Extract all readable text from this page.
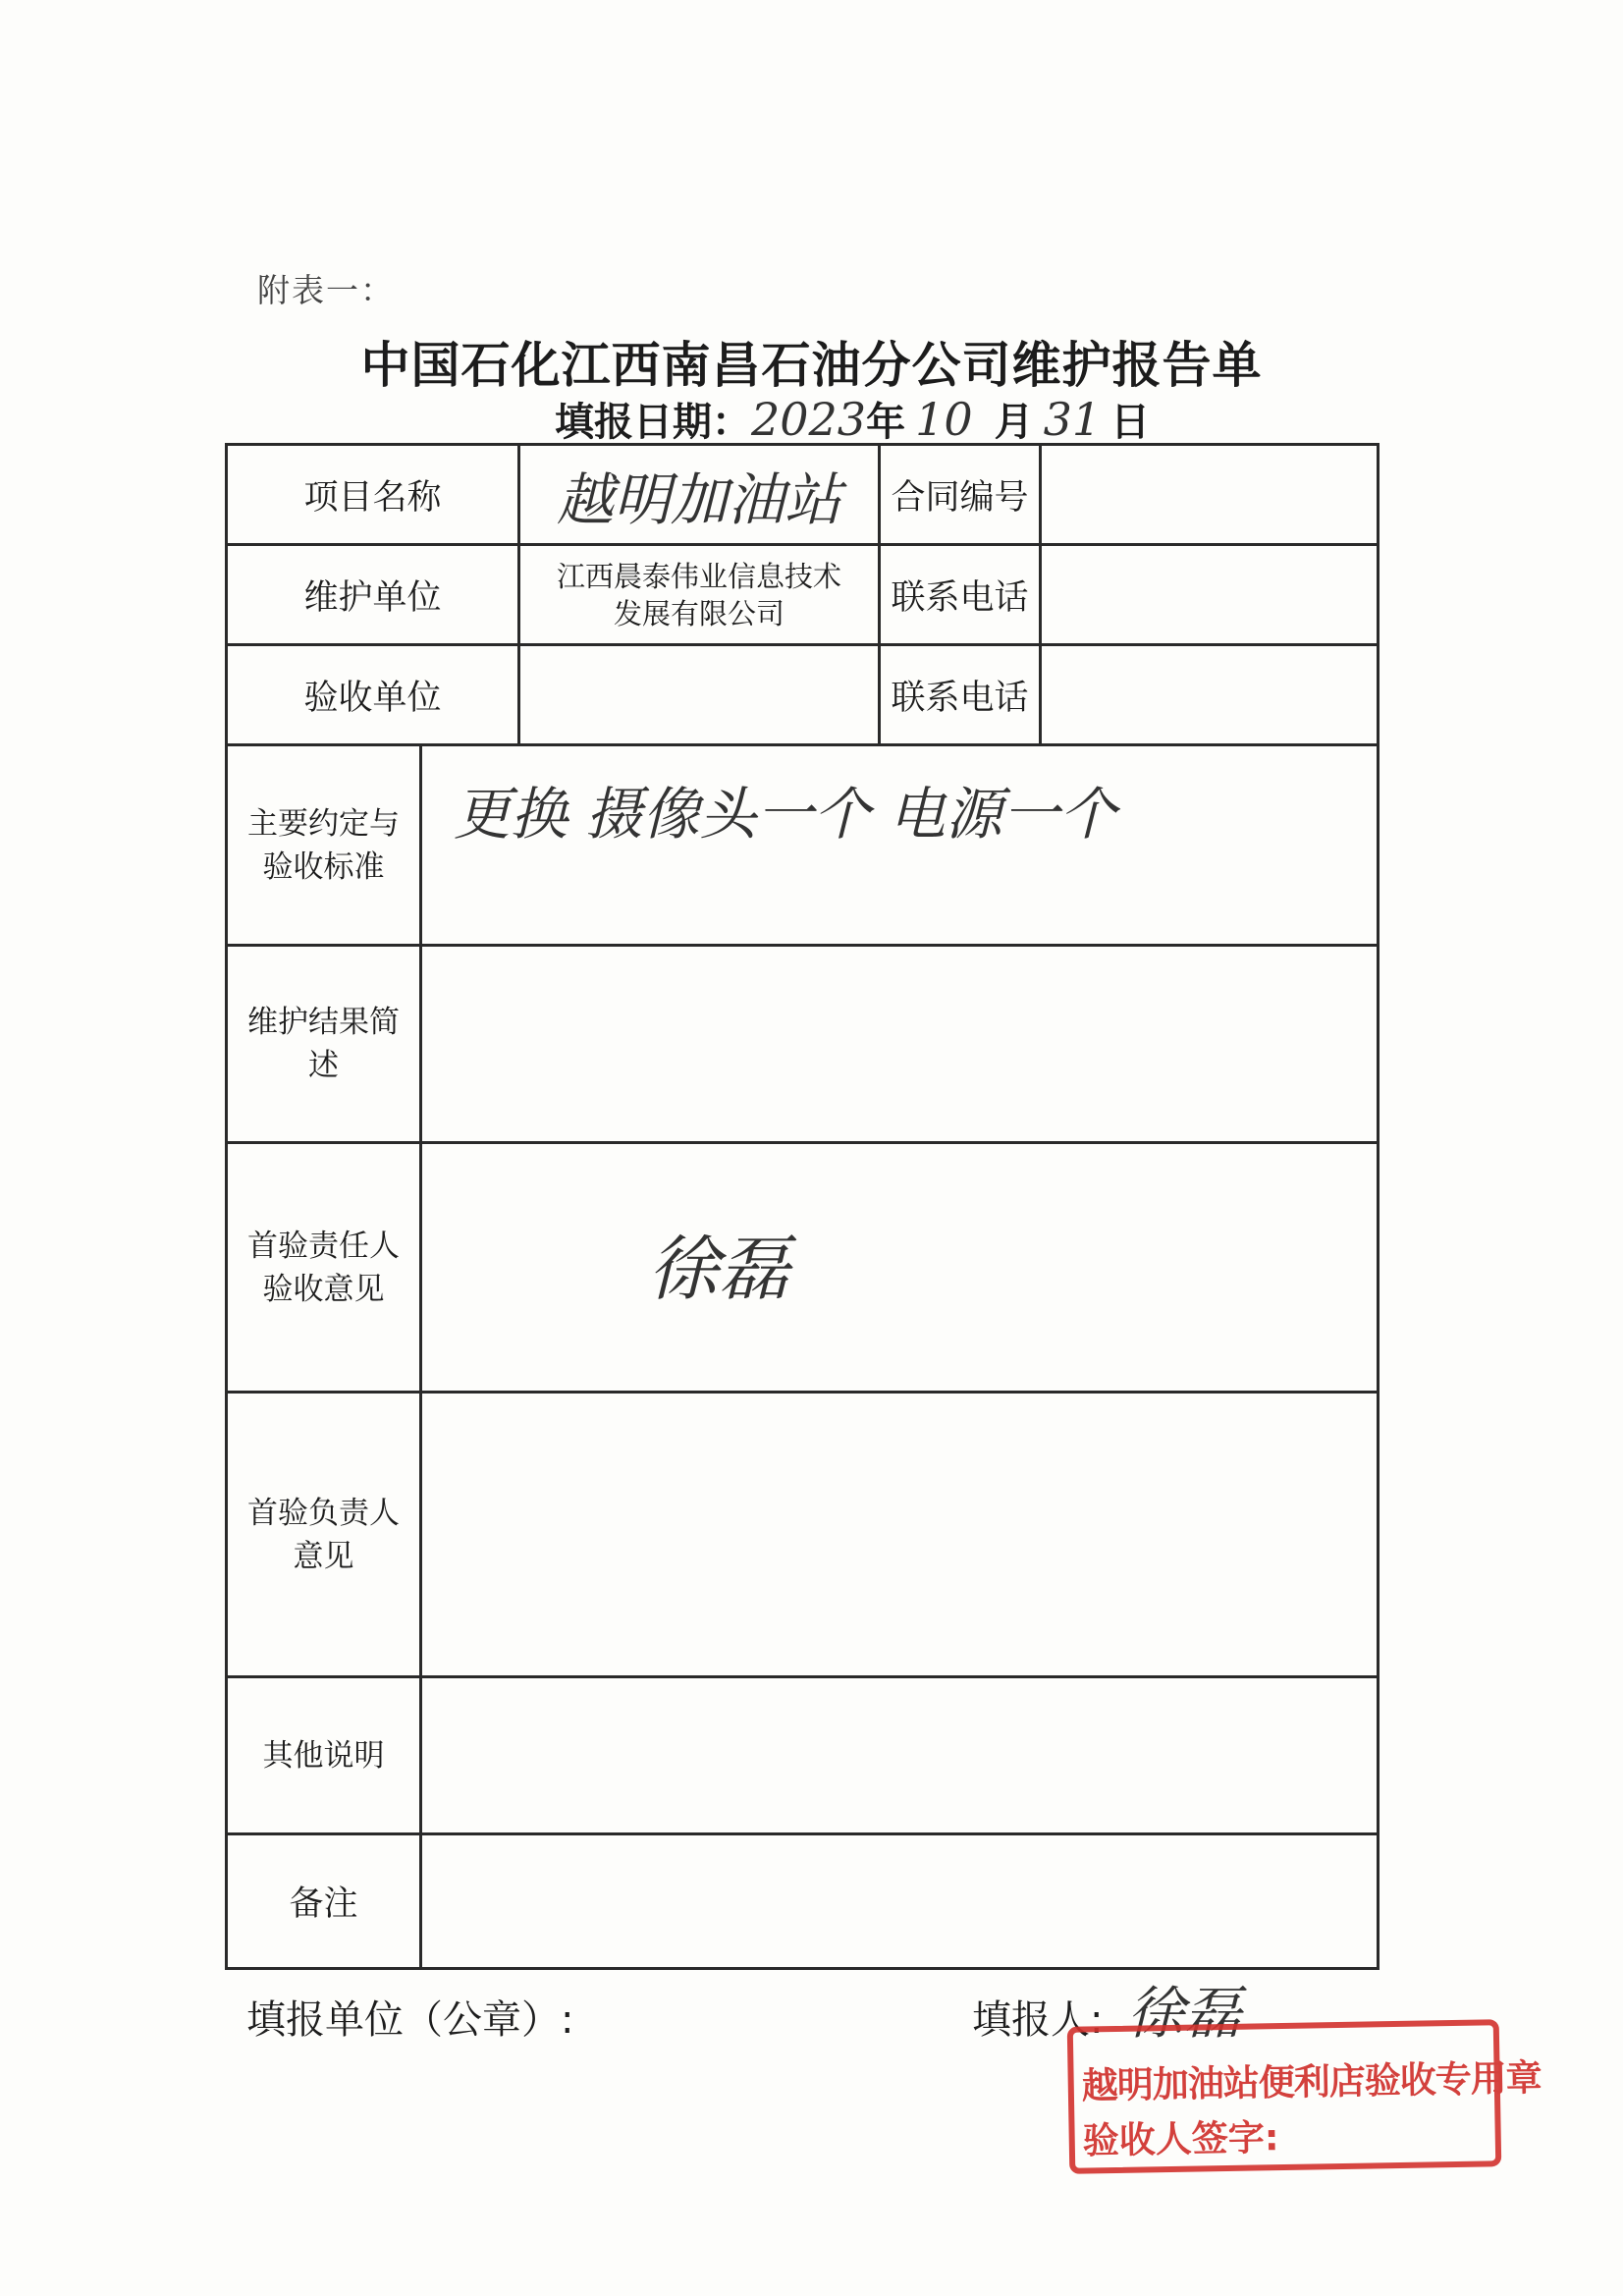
附表一：
中国石化江西南昌石油分公司维护报告单
填报日期：2023年 10 月 31 日
项目名称		越明加油站	合同编号	
维护单位		江西晨泰伟业信息技术
发展有限公司	联系电话	
验收单位			联系电话	

主要约定与
验收标准	更换 摄像头一个 电源一个			

维护结果简
述				

首验责任人
验收意见	徐磊			

首验负责人
意见				

其他说明				
备注				
填报单位（公章）:	填报人: 徐磊
越明加油站便利店验收专用章
验收人签字:
